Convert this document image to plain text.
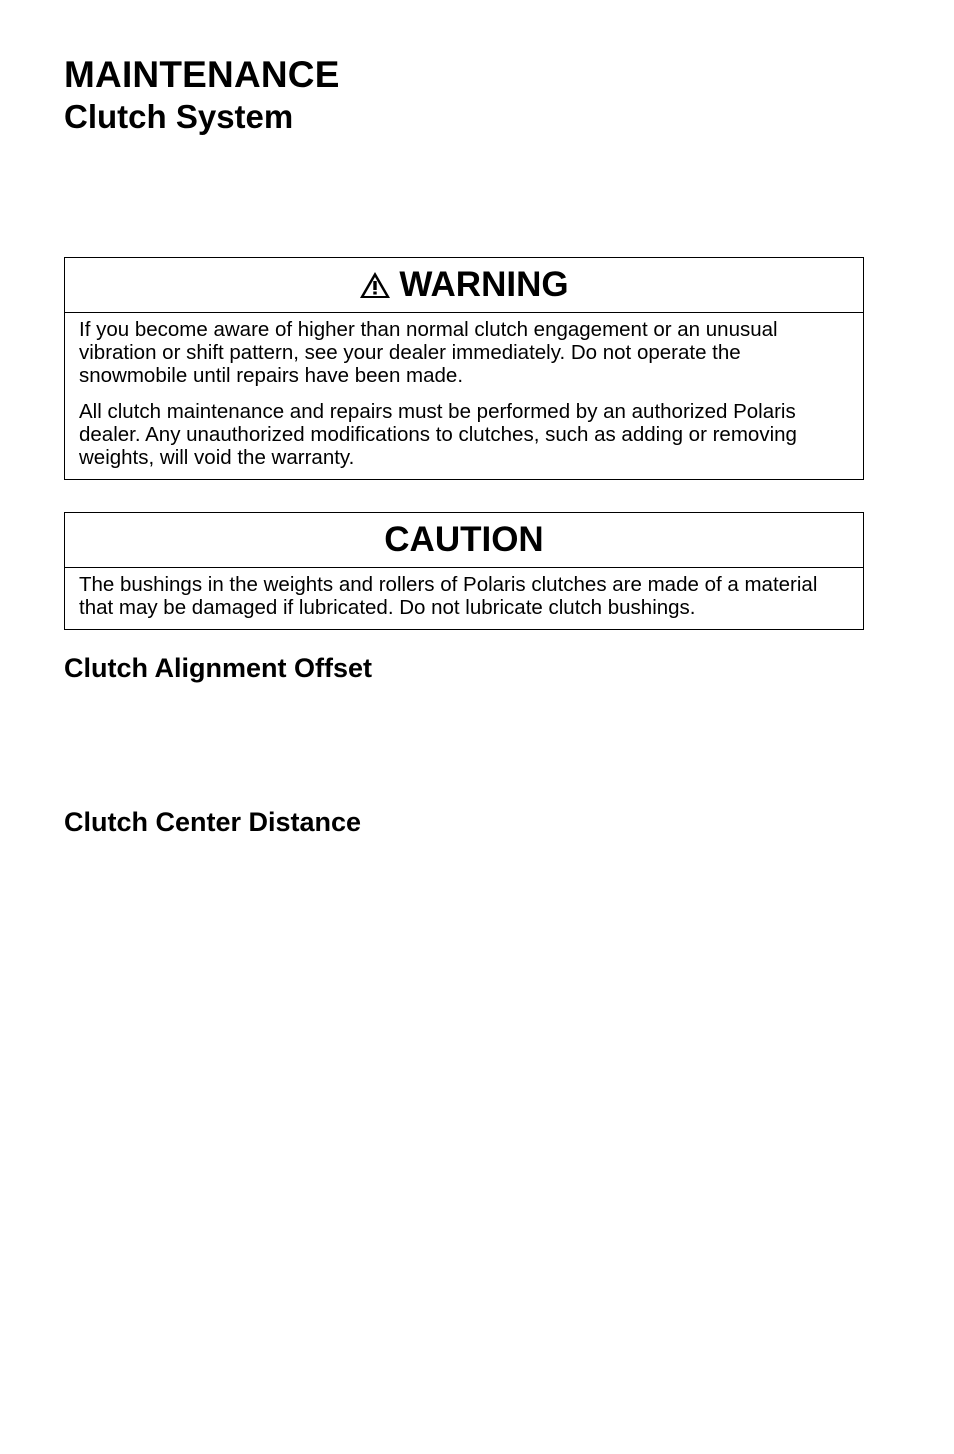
MAINTENANCE
Clutch System
WARNING

If you become aware of higher than normal clutch engagement or an unusual vibration or shift pattern, see your dealer immediately. Do not operate the snowmobile until repairs have been made.

All clutch maintenance and repairs must be performed by an authorized Polaris dealer. Any unauthorized modifications to clutches, such as adding or removing weights, will void the warranty.

CAUTION

The bushings in the weights and rollers of Polaris clutches are made of a material that may be damaged if lubricated. Do not lubricate clutch bushings.

Clutch Alignment Offset
Clutch Center Distance
